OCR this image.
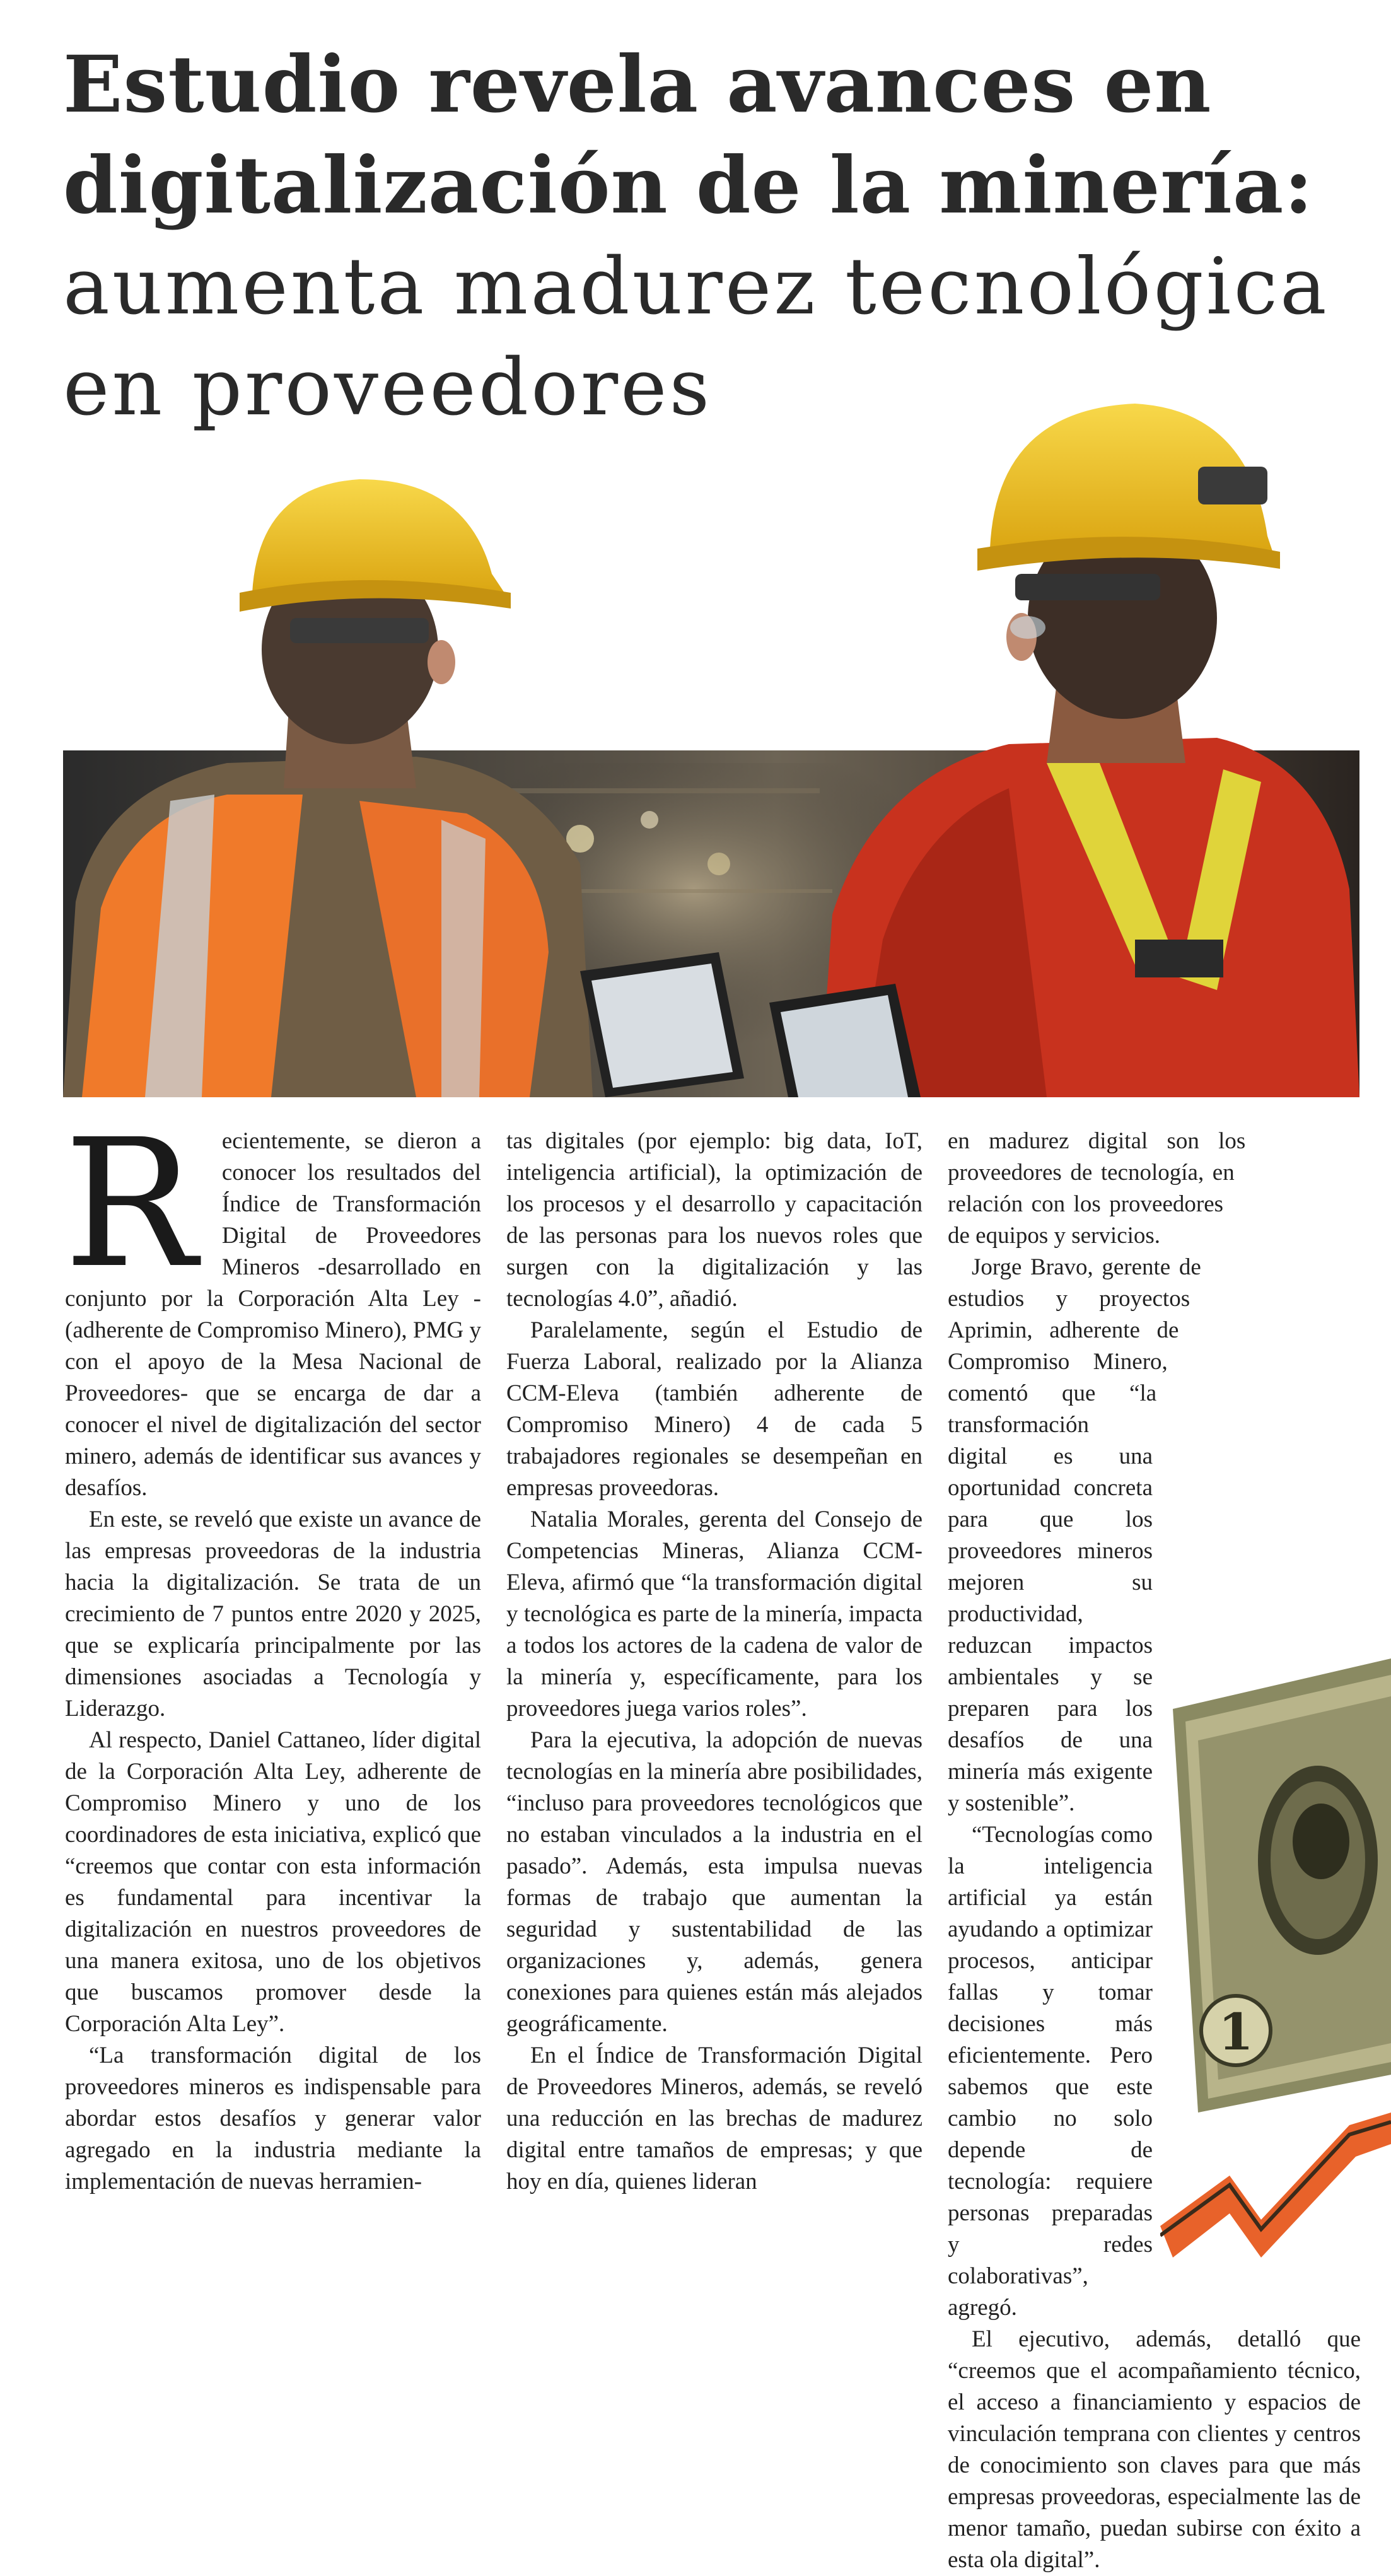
Estudio revela avances en
digitalización de la minería:
aumenta madurez tecnológica
en proveedores

R ecientemente, se dieron a conocer los resultados del Índice de Transformación Digital de Proveedores Mineros -desarrollado en conjunto por la Corporación Alta Ley -(adherente de Compromiso Minero), PMG y con el apoyo de la Mesa Nacional de Proveedores- que se encarga de dar a conocer el nivel de digitalización del sector minero, además de identificar sus avances y desafíos.

En este, se reveló que existe un avance de las empresas proveedoras de la industria hacia la digitalización. Se trata de un crecimiento de 7 puntos entre 2020 y 2025, que se explicaría principalmente por las dimensiones asociadas a Tecnología y Liderazgo.

Al respecto, Daniel Cattaneo, líder digital de la Corporación Alta Ley, adherente de Compromiso Minero y uno de los coordinadores de esta iniciativa, explicó que “creemos que contar con esta información es fundamental para incentivar la digitalización en nuestros proveedores de una manera exitosa, uno de los objetivos que buscamos promover desde la Corporación Alta Ley”.

“La transformación digital de los proveedores mineros es indispensable para abordar estos desafíos y generar valor agregado en la industria mediante la implementación de nuevas herramien-

tas digitales (por ejemplo: big data, IoT, inteligencia artificial), la optimización de los procesos y el desarrollo y capacitación de las personas para los nuevos roles que surgen con la digitalización y las tecnologías 4.0”, añadió.

Paralelamente, según el Estudio de Fuerza Laboral, realizado por la Alianza CCM-Eleva (también adherente de Compromiso Minero) 4 de cada 5 trabajadores regionales se desempeñan en empresas proveedoras.

Natalia Morales, gerenta del Consejo de Competencias Mineras, Alianza CCM-Eleva, afirmó que “la transformación digital y tecnológica es parte de la minería, impacta a todos los actores de la cadena de valor de la minería y, específicamente, para los proveedores juega varios roles”.

Para la ejecutiva, la adopción de nuevas tecnologías en la minería abre posibilidades, “incluso para proveedores tecnológicos que no estaban vinculados a la industria en el pasado”. Además, esta impulsa nuevas formas de trabajo que aumentan la seguridad y sustentabilidad de las organizaciones y, además, genera conexiones para quienes están más alejados geográficamente.

En el Índice de Transformación Digital de Proveedores Mineros, además, se reveló una reducción en las brechas de madurez digital entre tamaños de empresas; y que hoy en día, quienes lideran

en madurez digital son los proveedores de tecnología, en relación con los proveedores de equipos y servicios.

Jorge Bravo, gerente de estudios y proyectos Aprimin, adherente de Compromiso Minero, comentó que “la transformación digital es una oportunidad concreta para que los proveedores mineros mejoren su productividad, reduzcan impactos ambientales y se preparen para los desafíos de una minería más exigente y sostenible”.

“Tecnologías como la inteligencia artificial ya están ayudando a optimizar procesos, anticipar fallas y tomar decisiones más eficientemente. Pero sabemos que este cambio no solo depende de tecnología: requiere personas preparadas y redes colaborativas”, agregó.

El ejecutivo, además, detalló que “creemos que el acompañamiento técnico, el acceso a financiamiento y espacios de vinculación temprana con clientes y centros de conocimiento son claves para que más empresas proveedoras, especialmente las de menor tamaño, puedan subirse con éxito a esta ola digital”.

1
